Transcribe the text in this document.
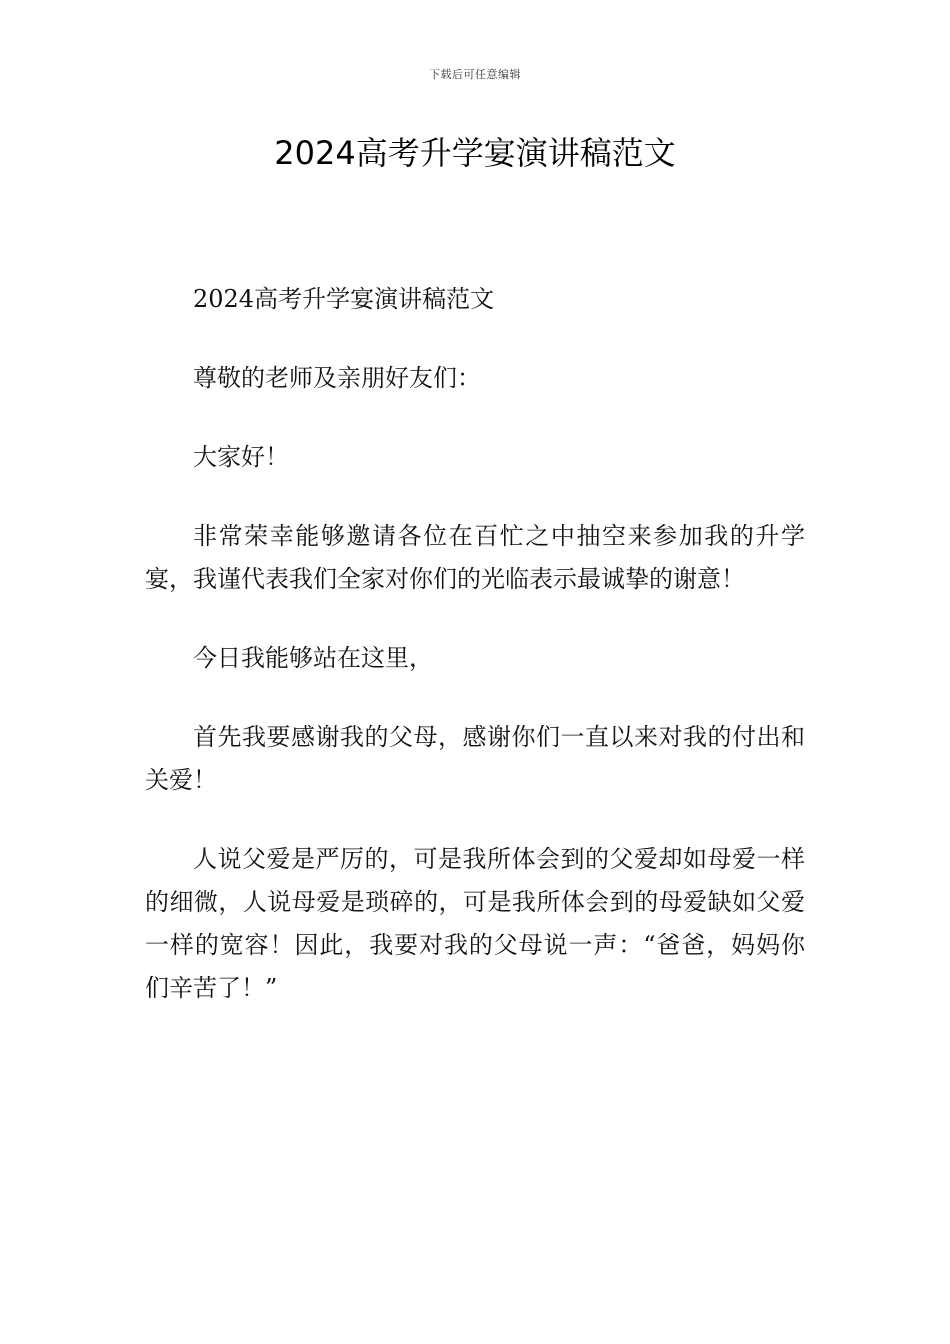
下载后可任意编辑
2024高考升学宴演讲稿范文

2024高考升学宴演讲稿范文

尊敬的老师及亲朋好友们：

大家好！

非常荣幸能够邀请各位在百忙之中抽空来参加我的升学宴，我谨代表我们全家对你们的光临表示最诚挚的谢意！

今日我能够站在这里，

首先我要感谢我的父母，感谢你们一直以来对我的付出和关爱！

人说父爱是严厉的，可是我所体会到的父爱却如母爱一样的细微，人说母爱是琐碎的，可是我所体会到的母爱缺如父爱一样的宽容！因此，我要对我的父母说一声：“爸爸，妈妈你们辛苦了！”
